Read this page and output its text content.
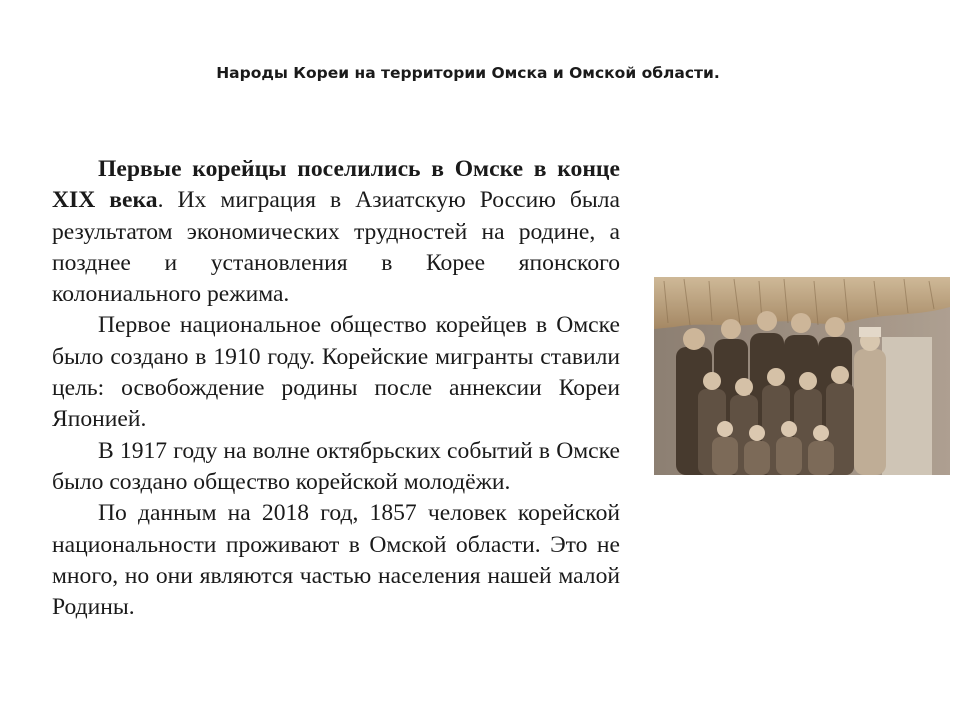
Народы Кореи на территории Омска и Омской области.

Первые корейцы поселились в Омске в конце XIX века. Их миграция в Азиатскую Россию была результатом экономических трудностей на родине, а позднее и установления в Корее японского колониального режима.

Первое национальное общество корейцев в Омске было создано в 1910 году. Корейские мигранты ставили цель: освобождение родины после аннексии Кореи Японией.

В 1917 году на волне октябрьских событий в Омске было создано общество корейской молодёжи.

По данным на 2018 год, 1857 человек корейской национальности проживают в Омской области. Это не много, но они являются частью населения нашей малой Родины.
